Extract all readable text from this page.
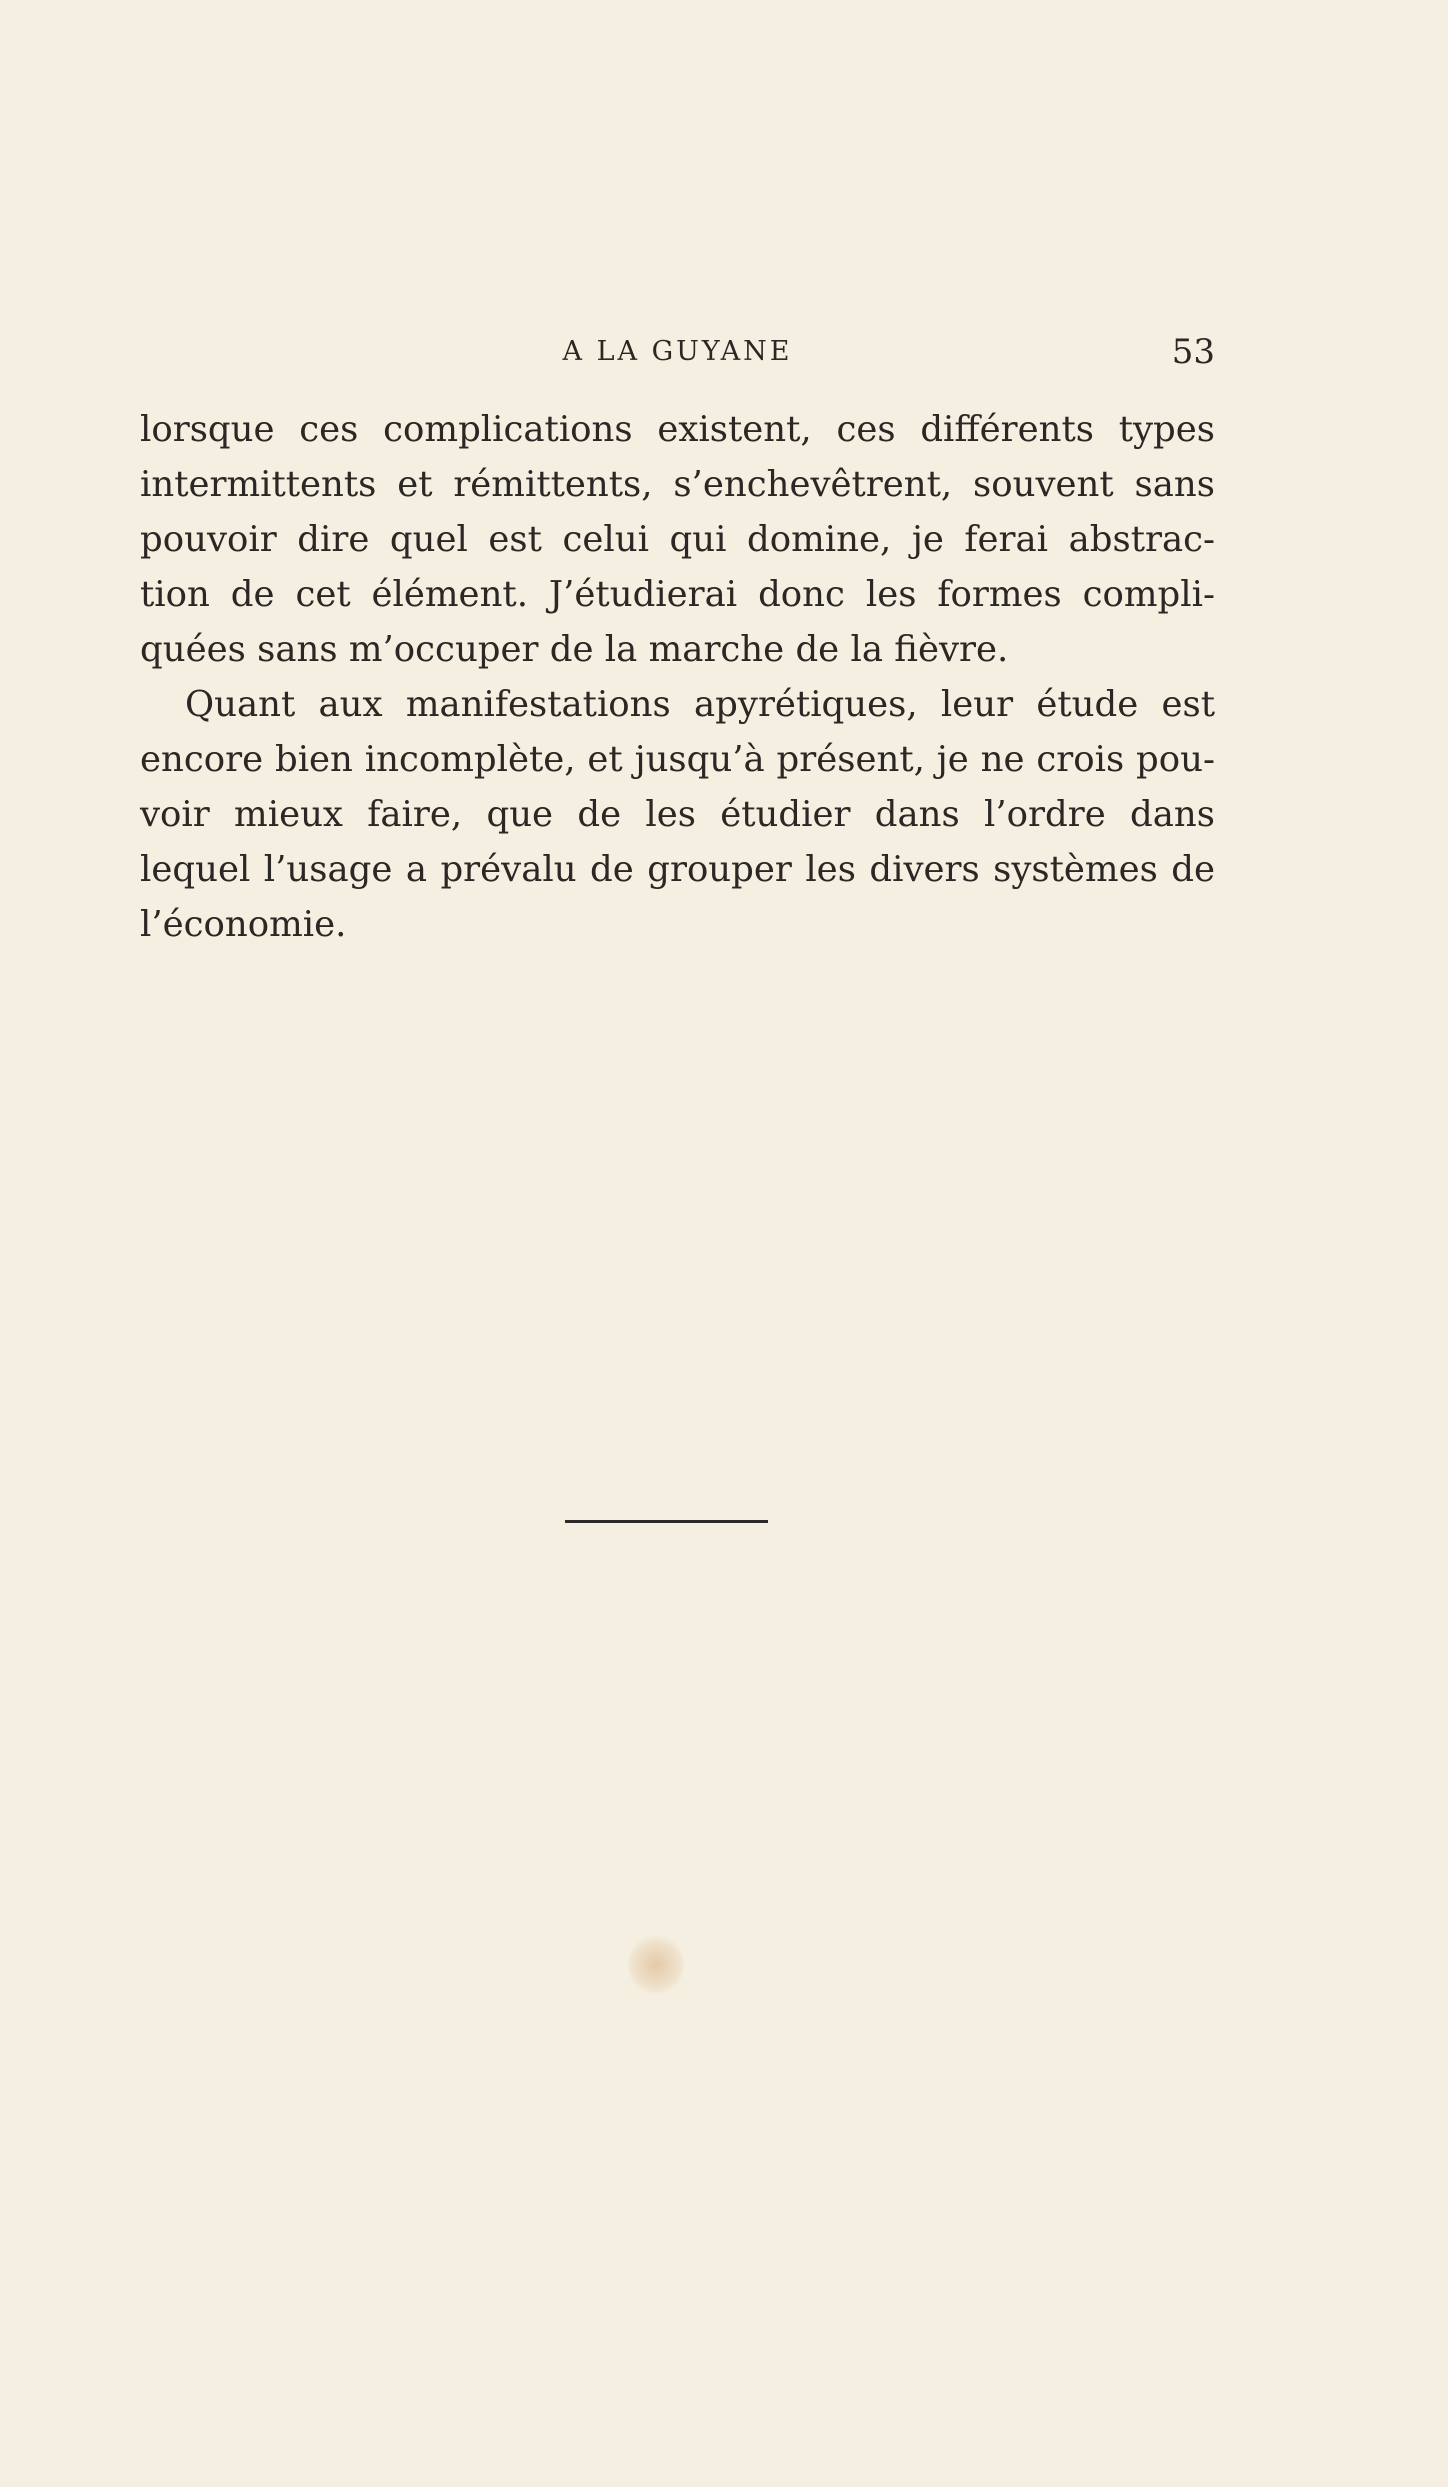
A LA GUYANE	53
lorsque ces complications existent, ces différents types
intermittents et rémittents, s’enchevêtrent, souvent sans
pouvoir dire quel est celui qui domine, je ferai abstrac-
tion de cet élément. J’étudierai donc les formes compli-
quées sans m’occuper de la marche de la fièvre.
Quant aux manifestations apyrétiques, leur étude est
encore bien incomplète, et jusqu’à présent, je ne crois pou-
voir mieux faire, que de les étudier dans l’ordre dans
lequel l’usage a prévalu de grouper les divers systèmes de
l’économie.
